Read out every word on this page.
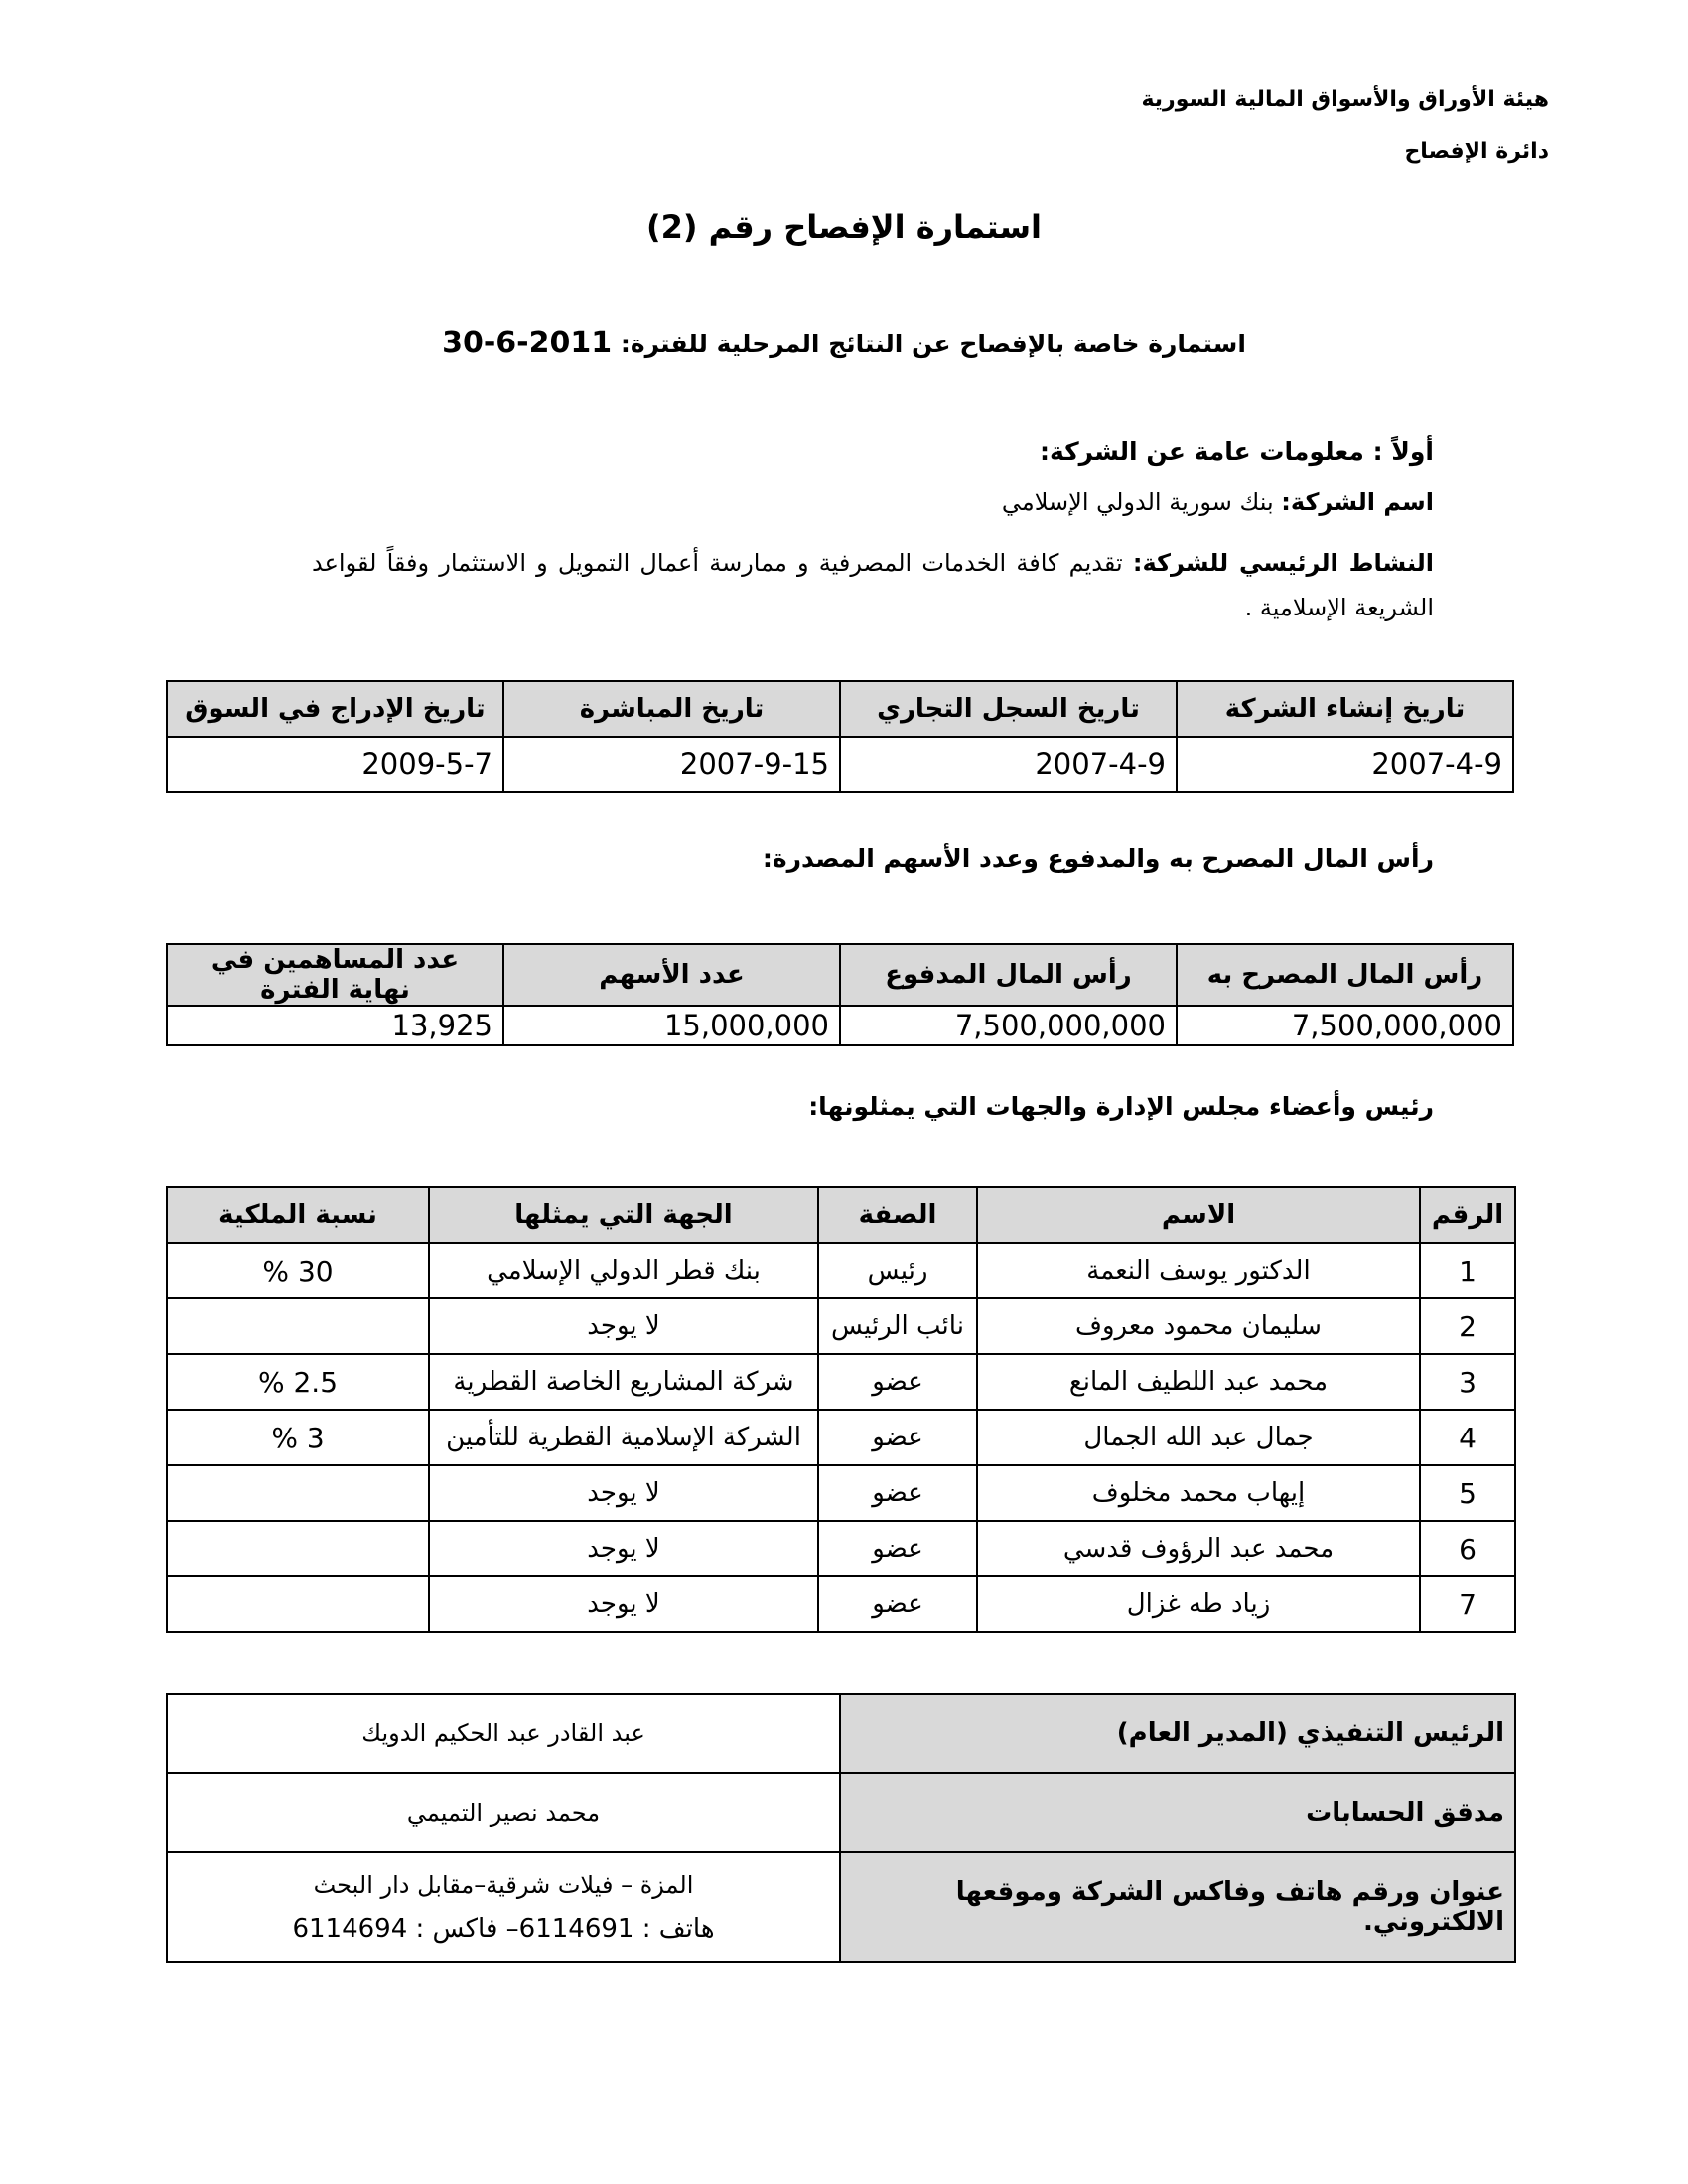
هيئة الأوراق والأسواق المالية السورية
دائرة الإفصاح
استمارة الإفصاح رقم (2)
استمارة خاصة بالإفصاح عن النتائج المرحلية للفترة: 30-6-2011
أولاً : معلومات عامة عن الشركة:
اسم الشركة: بنك سورية الدولي الإسلامي
النشاط الرئيسي للشركة: تقديم كافة الخدمات المصرفية و ممارسة أعمال التمويل و الاستثمار وفقاً لقواعد الشريعة الإسلامية .
تاريخ إنشاء الشركة	تاريخ السجل التجاري	تاريخ المباشرة	تاريخ الإدراج في السوق
2007-4-9	2007-4-9	2007-9-15	2009-5-7
رأس المال المصرح به والمدفوع وعدد الأسهم المصدرة:
رأس المال المصرح به	رأس المال المدفوع	عدد الأسهم	عدد المساهمين في نهاية الفترة
7,500,000,000	7,500,000,000	15,000,000	13,925
رئيس وأعضاء مجلس الإدارة والجهات التي يمثلونها:
الرقم	الاسم	الصفة	الجهة التي يمثلها	نسبة الملكية
1	الدكتور يوسف النعمة	رئيس	بنك قطر الدولي الإسلامي	30 %
2	سليمان محمود معروف	نائب الرئيس	لا يوجد	
3	محمد عبد اللطيف المانع	عضو	شركة المشاريع الخاصة القطرية	2.5 %
4	جمال عبد الله الجمال	عضو	الشركة الإسلامية القطرية للتأمين	3 %
5	إيهاب محمد مخلوف	عضو	لا يوجد	
6	محمد عبد الرؤوف قدسي	عضو	لا يوجد	
7	زياد طه غزال	عضو	لا يوجد	
الرئيس التنفيذي (المدير العام)	عبد القادر عبد الحكيم الدويك
مدقق الحسابات	محمد نصير التميمي
عنوان ورقم هاتف وفاكس الشركة وموقعها الالكتروني.	المزة – فيلات شرقية–مقابل دار البحث
هاتف : 6114691– فاكس : 6114694
